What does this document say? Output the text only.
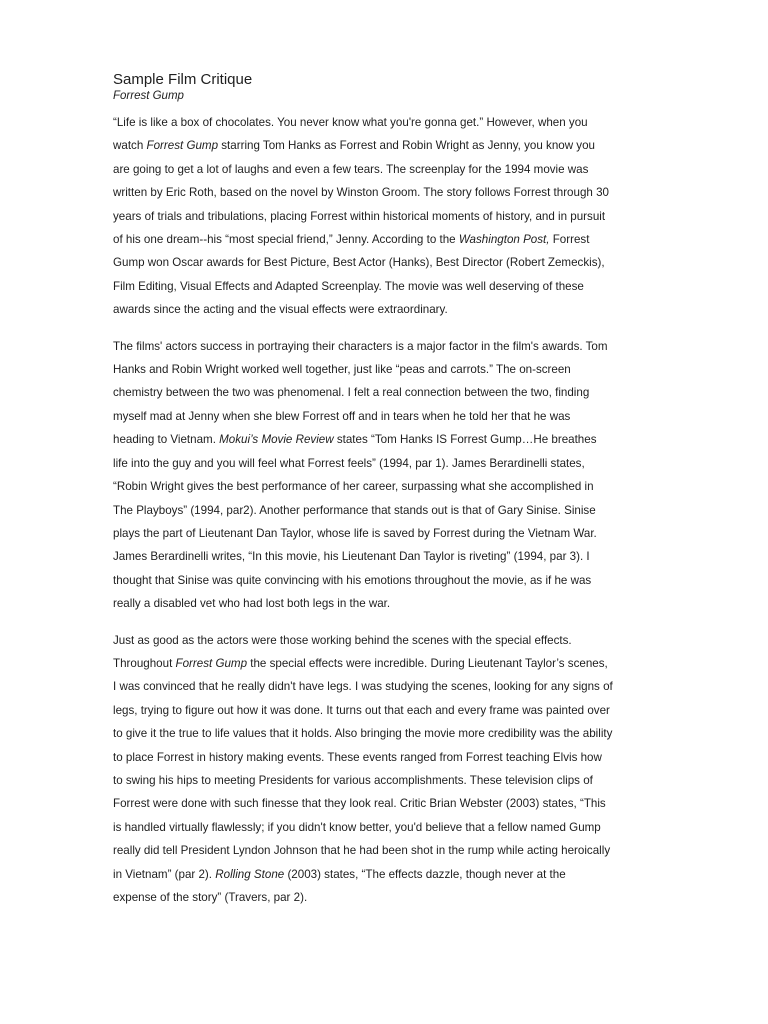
Sample Film Critique
Forrest Gump

“Life is like a box of chocolates. You never know what you're gonna get.” However, when you
watch Forrest Gump starring Tom Hanks as Forrest and Robin Wright as Jenny, you know you
are going to get a lot of laughs and even a few tears. The screenplay for the 1994 movie was
written by Eric Roth, based on the novel by Winston Groom. The story follows Forrest through 30
years of trials and tribulations, placing Forrest within historical moments of history, and in pursuit
of his one dream--his “most special friend,” Jenny. According to the Washington Post, Forrest
Gump won Oscar awards for Best Picture, Best Actor (Hanks), Best Director (Robert Zemeckis),
Film Editing, Visual Effects and Adapted Screenplay. The movie was well deserving of these
awards since the acting and the visual effects were extraordinary.

The films' actors success in portraying their characters is a major factor in the film's awards. Tom
Hanks and Robin Wright worked well together, just like “peas and carrots.” The on-screen
chemistry between the two was phenomenal. I felt a real connection between the two, finding
myself mad at Jenny when she blew Forrest off and in tears when he told her that he was
heading to Vietnam. Mokui’s Movie Review states “Tom Hanks IS Forrest Gump…He breathes
life into the guy and you will feel what Forrest feels” (1994, par 1). James Berardinelli states,
“Robin Wright gives the best performance of her career, surpassing what she accomplished in
The Playboys” (1994, par2). Another performance that stands out is that of Gary Sinise. Sinise
plays the part of Lieutenant Dan Taylor, whose life is saved by Forrest during the Vietnam War.
James Berardinelli writes, “In this movie, his Lieutenant Dan Taylor is riveting” (1994, par 3). I
thought that Sinise was quite convincing with his emotions throughout the movie, as if he was
really a disabled vet who had lost both legs in the war.

Just as good as the actors were those working behind the scenes with the special effects.
Throughout Forrest Gump the special effects were incredible. During Lieutenant Taylor’s scenes,
I was convinced that he really didn't have legs. I was studying the scenes, looking for any signs of
legs, trying to figure out how it was done. It turns out that each and every frame was painted over
to give it the true to life values that it holds. Also bringing the movie more credibility was the ability
to place Forrest in history making events. These events ranged from Forrest teaching Elvis how
to swing his hips to meeting Presidents for various accomplishments. These television clips of
Forrest were done with such finesse that they look real. Critic Brian Webster (2003) states, “This
is handled virtually flawlessly; if you didn't know better, you'd believe that a fellow named Gump
really did tell President Lyndon Johnson that he had been shot in the rump while acting heroically
in Vietnam” (par 2). Rolling Stone (2003) states, “The effects dazzle, though never at the
expense of the story” (Travers, par 2).
